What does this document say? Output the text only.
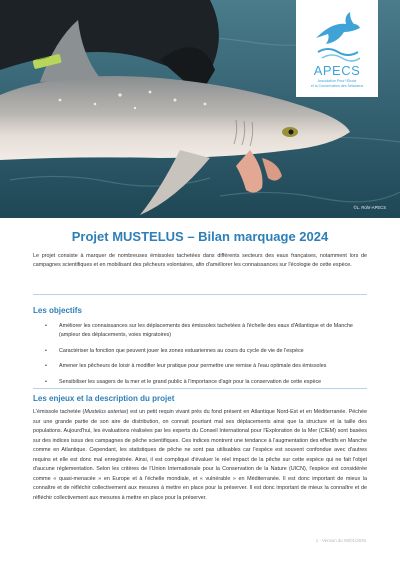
T8186
©L. Rohr-APECS
APECS
Association Pour l'Étude
et la Conservation des Sélaciens
Projet MUSTELUS – Bilan marquage 2024
Le projet consiste à marquer de nombreuses émissoles tachetées dans différents secteurs des eaux françaises, notamment lors de campagnes scientifiques et en mobilisant des pêcheurs volontaires, afin d'améliorer les connaissances sur l'écologie de cette espèce.
Les objectifs
• Améliorer les connaissances sur les déplacements des émissoles tachetées à l'échelle des eaux d'Atlantique et de Manche (ampleur des déplacements, voies migratoires)
• Caractériser la fonction que peuvent jouer les zones estuariennes au cours du cycle de vie de l'espèce
• Amener les pêcheurs de loisir à modifier leur pratique pour permettre une remise à l'eau optimale des émissoles
• Sensibiliser les usagers de la mer et le grand public à l'importance d'agir pour la conservation de cette espèce
Les enjeux et la description du projet

L'émissole tachetée (Mustelus asterias) est un petit requin vivant près du fond présent en Atlantique Nord-Est et en Méditerranée. Péchée sur une grande partie de son aire de distribution, on connait pourtant mal ses déplacements ainsi que la structure et la taille des populations. Aujourd'hui, les évaluations réalisées par les experts du Conseil International pour l'Exploration de la Mer (CIEM) sont basées sur des indices issus des campagnes de pêche scientifiques. Ces indices montrent une tendance à l'augmentation des effectifs en Manche comme en Atlantique. Cependant, les statistiques de pêche ne sont pas utilisables car l'espèce est souvent confondue avec d'autres requins et elle est donc mal enregistrée. Ainsi, il est compliqué d'évaluer le réel impact de la pêche sur cette espèce qui ne fait l'objet d'aucune réglementation. Selon les critères de l'Union Internationale pour la Conservation de la Nature (UICN), l'espèce est considérée comme « quasi-menacée » en Europe et à l'échelle mondiale, et « vulnérable » en Méditerranée. Il est donc important de mieux la connaître et de réfléchir collectivement aux mesures à mettre en place pour la préserver. Il est donc important de mieux la connaître et de réfléchir collectivement aux mesures à mettre en place pour la préserver.

1 - Version du 06/01/2025
